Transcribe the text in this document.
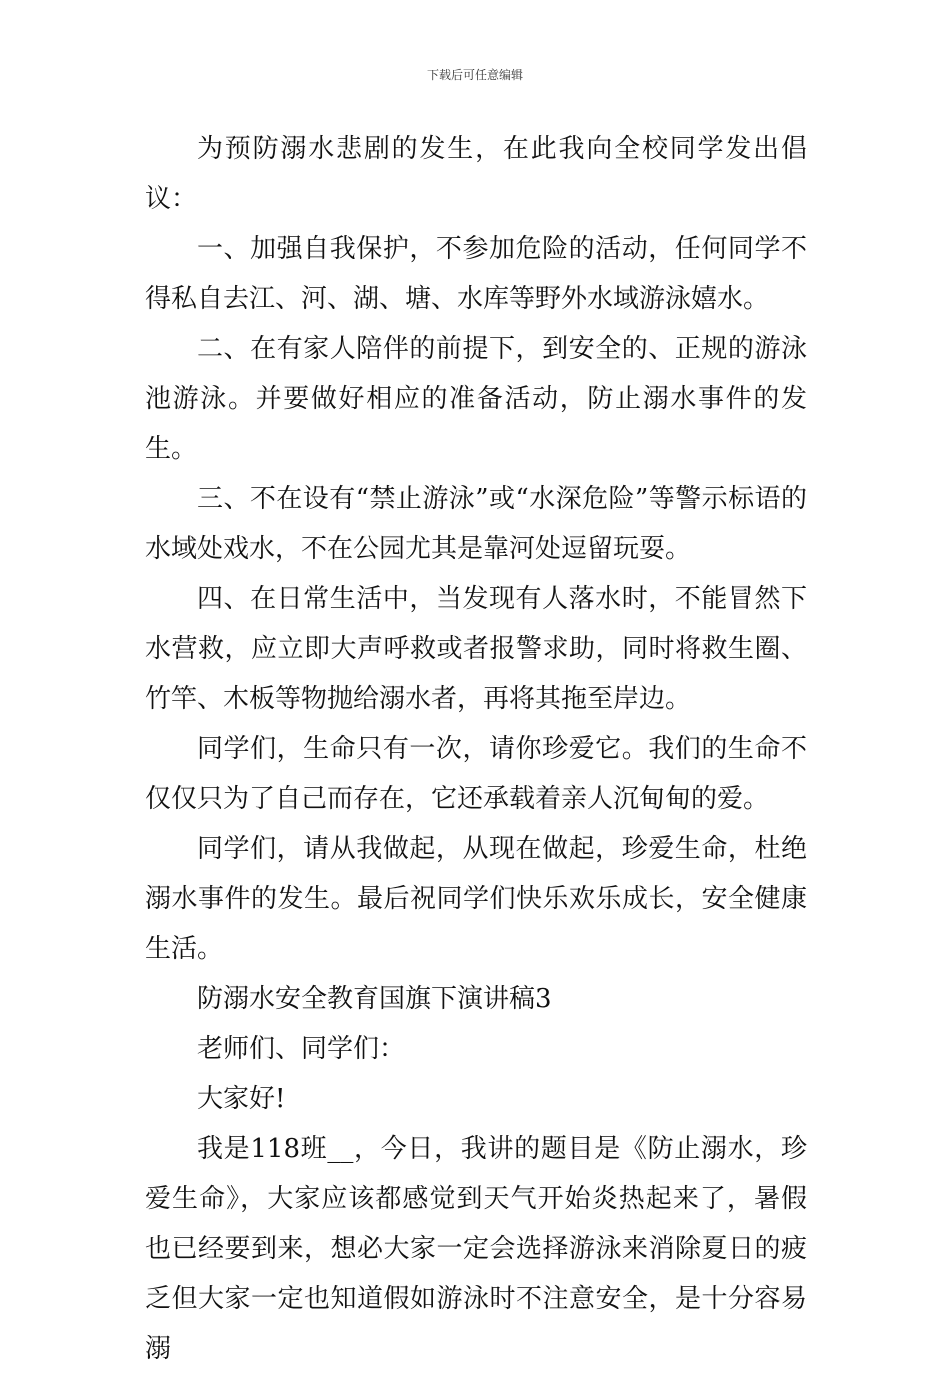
下载后可任意编辑

为预防溺水悲剧的发生，在此我向全校同学发出倡议：

一、加强自我保护，不参加危险的活动，任何同学不得私自去江、河、湖、塘、水库等野外水域游泳嬉水。

二、在有家人陪伴的前提下，到安全的、正规的游泳池游泳。并要做好相应的准备活动，防止溺水事件的发生。

三、不在设有“禁止游泳”或“水深危险”等警示标语的水域处戏水，不在公园尤其是靠河处逗留玩耍。

四、在日常生活中，当发现有人落水时，不能冒然下水营救，应立即大声呼救或者报警求助，同时将救生圈、竹竿、木板等物抛给溺水者，再将其拖至岸边。

同学们，生命只有一次，请你珍爱它。我们的生命不仅仅只为了自己而存在，它还承载着亲人沉甸甸的爱。

同学们，请从我做起，从现在做起，珍爱生命，杜绝溺水事件的发生。最后祝同学们快乐欢乐成长，安全健康生活。

防溺水安全教育国旗下演讲稿3

老师们、同学们：

大家好!

我是118班__，今日，我讲的题目是《防止溺水，珍爱生命》，大家应该都感觉到天气开始炎热起来了，暑假也已经要到来，想必大家一定会选择游泳来消除夏日的疲乏但大家一定也知道假如游泳时不注意安全，是十分容易溺
